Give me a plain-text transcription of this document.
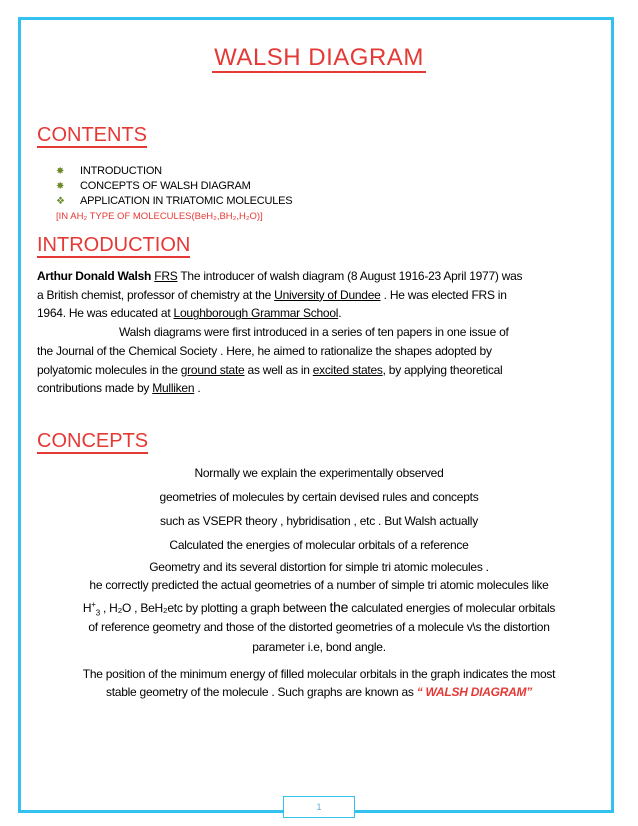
WALSH DIAGRAM
CONTENTS
✸ INTRODUCTION
✸ CONCEPTS OF WALSH DIAGRAM
❖ APPLICATION IN TRIATOMIC MOLECULES
[IN AH₂ TYPE OF MOLECULES(BeH₂,BH₂,H₂O)]
INTRODUCTION
Arthur Donald Walsh FRS The introducer of walsh diagram (8 August 1916-23 April 1977) was
a British chemist, professor of chemistry at the University of Dundee . He was elected FRS in
1964. He was educated at Loughborough Grammar School.
Walsh diagrams were first introduced in a series of ten papers in one issue of
the Journal of the Chemical Society . Here, he aimed to rationalize the shapes adopted by
polyatomic molecules in the ground state as well as in excited states, by applying theoretical
contributions made by Mulliken .
CONCEPTS
Normally we explain the experimentally observed
geometries of molecules by certain devised rules and concepts
such as VSEPR theory , hybridisation , etc . But Walsh actually
Calculated the energies of molecular orbitals of a reference
Geometry and its several distortion for simple tri atomic molecules .
he correctly predicted the actual geometries of a number of simple tri atomic molecules like
$H^+_3$ , H₂O , BeH₂etc by plotting a graph between the calculated energies of molecular orbitals
of reference geometry and those of the distorted geometries of a molecule v\s the distortion
parameter i.e, bond angle.
The position of the minimum energy of filled molecular orbitals in the graph indicates the most
stable geometry of the molecule . Such graphs are known as “ WALSH DIAGRAM”
1
